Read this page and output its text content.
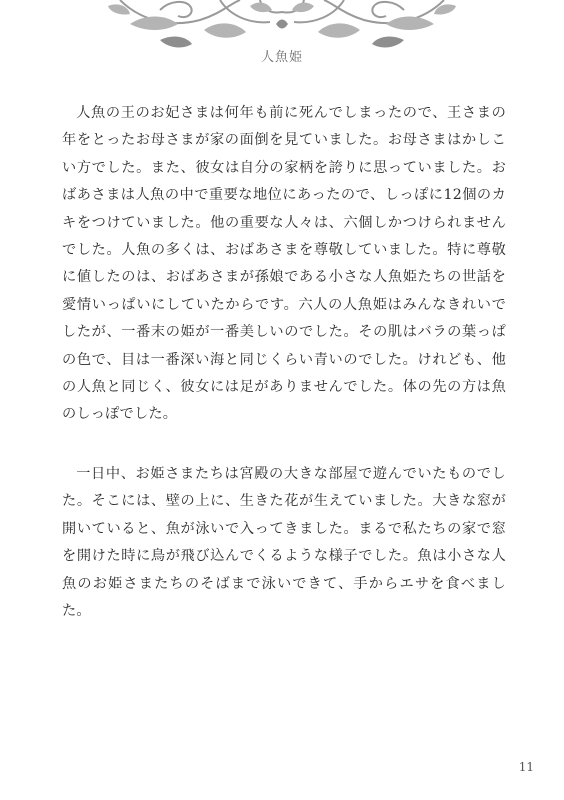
人魚姫

人魚の王のお妃さまは何年も前に死んでしまったので、王さまの年をとったお母さまが家の面倒を見ていました。お母さまはかしこい方でした。また、彼女は自分の家柄を誇りに思っていました。おばあさまは人魚の中で重要な地位にあったので、しっぽに12個のカキをつけていました。他の重要な人々は、六個しかつけられませんでした。人魚の多くは、おばあさまを尊敬していました。特に尊敬に値したのは、おばあさまが孫娘である小さな人魚姫たちの世話を愛情いっぱいにしていたからです。六人の人魚姫はみんなきれいでしたが、一番末の姫が一番美しいのでした。その肌はバラの葉っぱの色で、目は一番深い海と同じくらい青いのでした。けれども、他の人魚と同じく、彼女には足がありませんでした。体の先の方は魚のしっぽでした。

一日中、お姫さまたちは宮殿の大きな部屋で遊んでいたものでした。そこには、壁の上に、生きた花が生えていました。大きな窓が開いていると、魚が泳いで入ってきました。まるで私たちの家で窓を開けた時に鳥が飛び込んでくるような様子でした。魚は小さな人魚のお姫さまたちのそばまで泳いできて、手からエサを食べました。

11
